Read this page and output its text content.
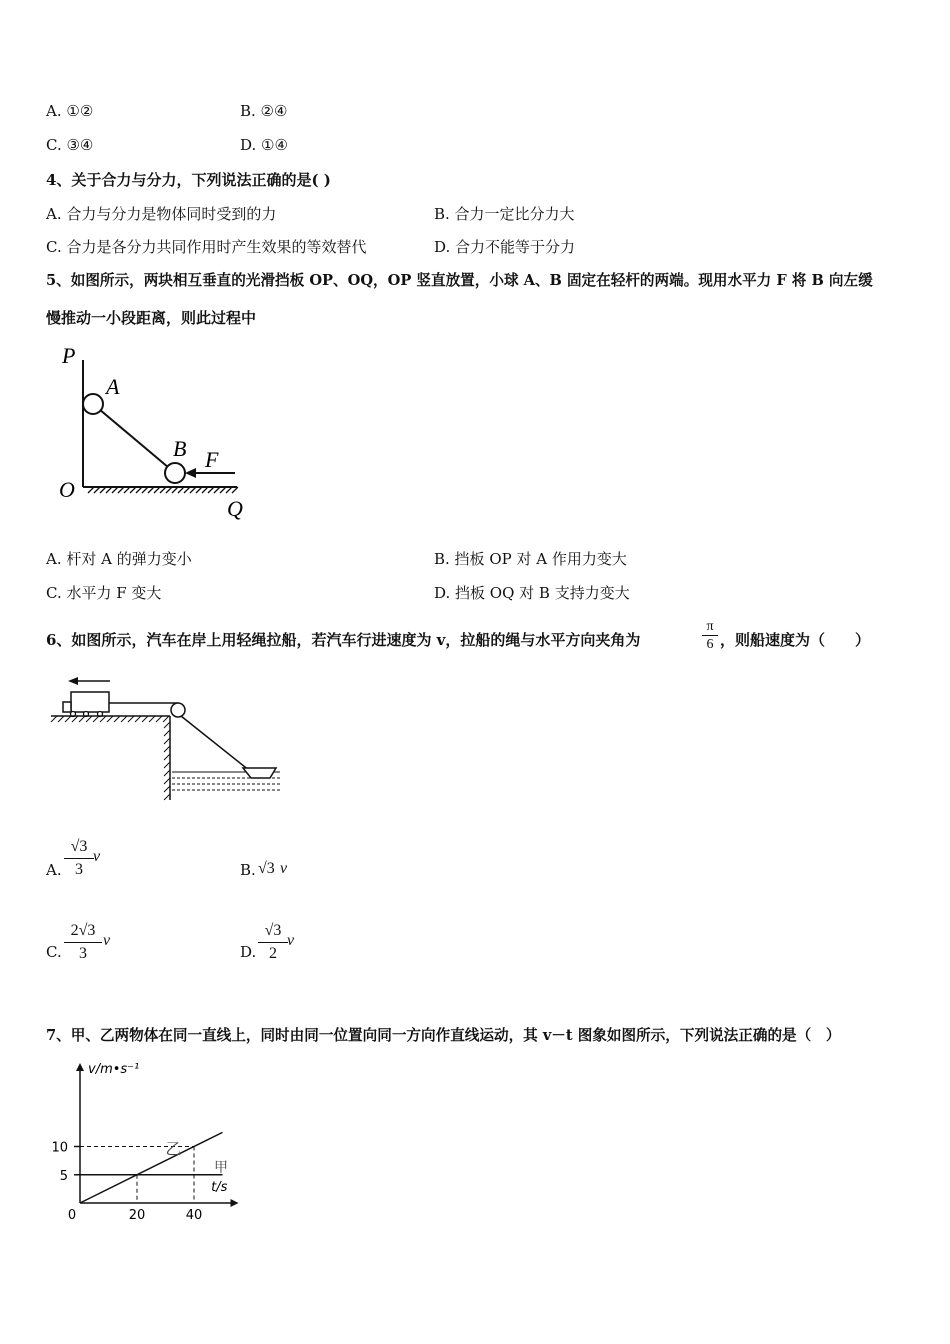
A. ①②	B. ②④
C. ③④	D. ①④
4、关于合力与分力，下列说法正确的是( )
A. 合力与分力是物体同时受到的力	B. 合力一定比分力大
C. 合力是各分力共同作用时产生效果的等效替代	D. 合力不能等于分力
5、如图所示，两块相互垂直的光滑挡板 OP、OQ，OP 竖直放置，小球 A、B 固定在轻杆的两端。现用水平力 F 将 B 向左缓
慢推动一小段距离，则此过程中
P
A
B F
O
Q
A. 杆对 A 的弹力变小	B. 挡板 OP 对 A 作用力变大
C. 水平力 F 变大	D. 挡板 OQ 对 B 支持力变大
6、如图所示，汽车在岸上用轻绳拉船，若汽车行进速度为 v，拉船的绳与水平方向夹角为	$\frac{\pi}{6}$ ，则船速度为（　　）
A. $\frac{√3}{3}$ v
B. √3 v
C. $\frac{2√3}{3}$ v
D. $\frac{√3}{2}$ v
7、甲、乙两物体在同一直线上，同时由同一位置向同一方向作直线运动，其 v－t 图象如图所示，下列说法正确的是（　）
10
5
0	20	40
甲
乙
v/m•s⁻¹
t/s
